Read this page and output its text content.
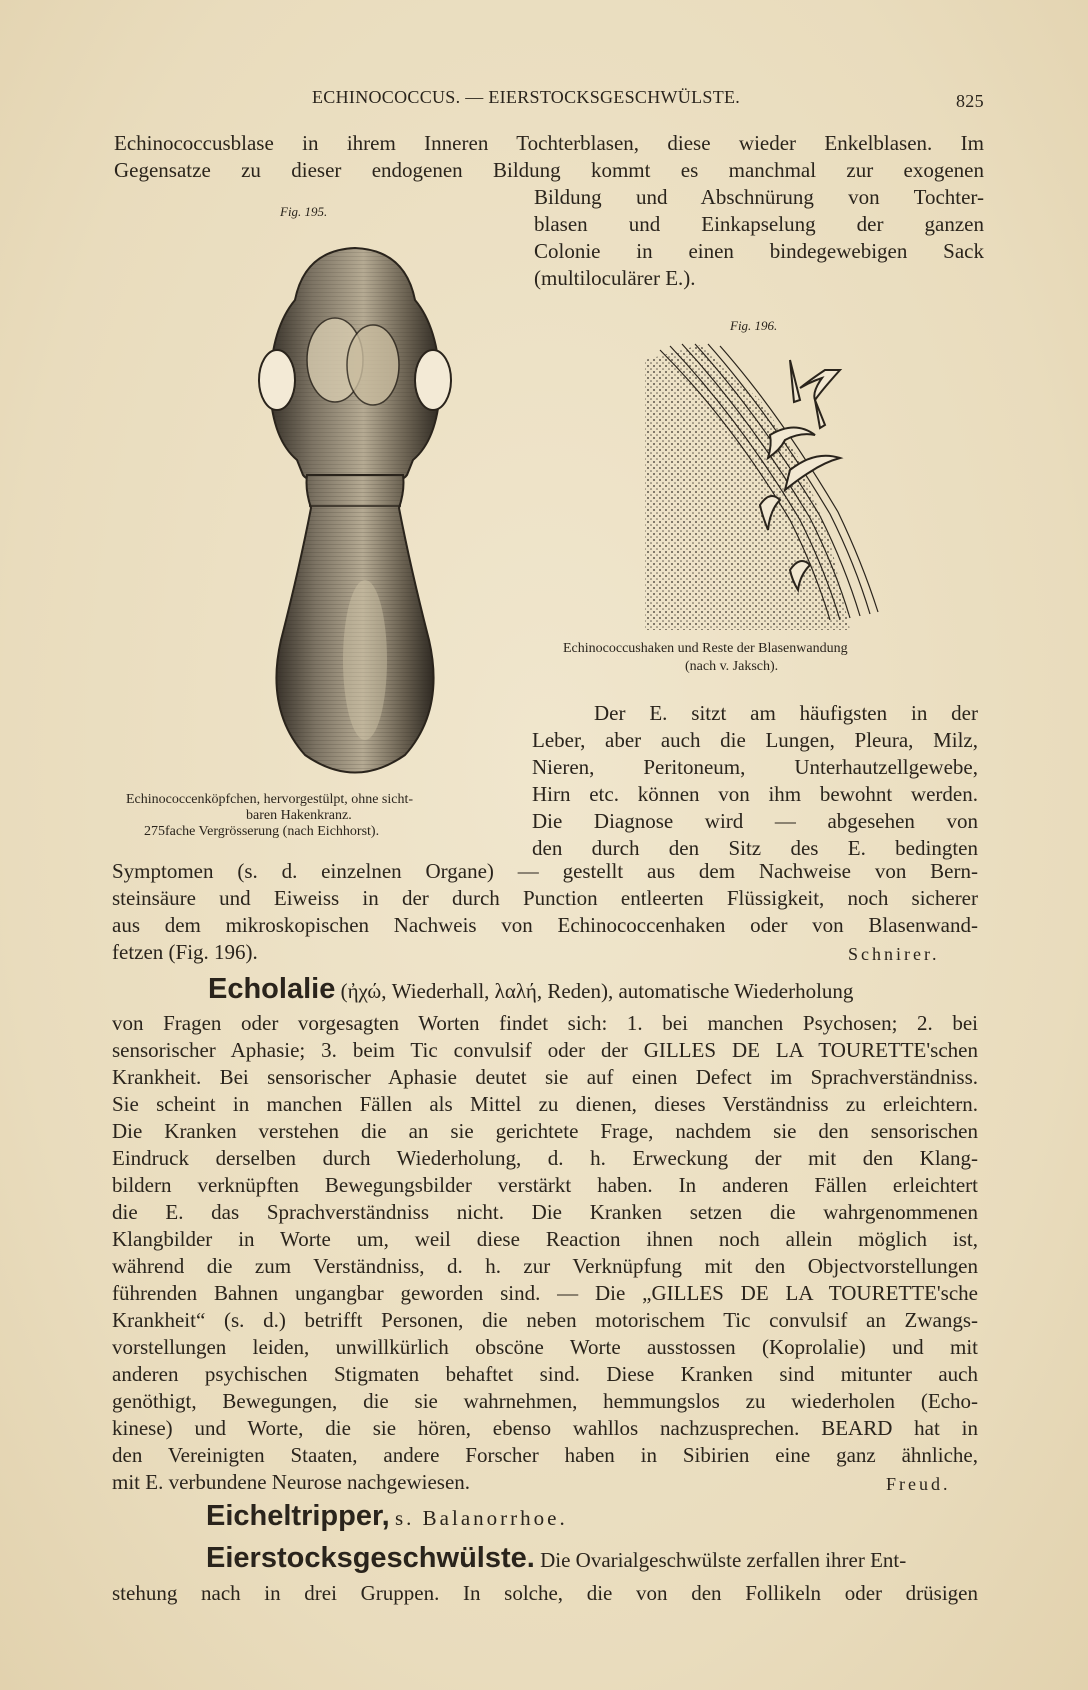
ECHINOCOCCUS. — EIERSTOCKSGESCHWÜLSTE.	825
Echinococcusblase in ihrem Inneren Tochterblasen, diese wieder Enkelblasen. Im
Gegensatze zu dieser endogenen Bildung kommt es manchmal zur exogenen
Fig. 195.
Bildung und Abschnürung von Tochter-
blasen und Einkapselung der ganzen
Colonie in einen bindegewebigen Sack
(multiloculärer E.).
Fig. 196.
Echinococcushaken und Reste der Blasenwandung
(nach v. Jaksch).
Der E. sitzt am häufigsten in der
Leber, aber auch die Lungen, Pleura, Milz,
Nieren, Peritoneum, Unterhautzellgewebe,
Hirn etc. können von ihm bewohnt werden.
Die Diagnose wird — abgesehen von
den durch den Sitz des E. bedingten
Echinococcenköpfchen, hervorgestülpt, ohne sicht-
baren Hakenkranz.
275fache Vergrösserung (nach Eichhorst).
Symptomen (s. d. einzelnen Organe) — gestellt aus dem Nachweise von Bern-
steinsäure und Eiweiss in der durch Punction entleerten Flüssigkeit, noch sicherer
aus dem mikroskopischen Nachweis von Echinococcenhaken oder von Blasenwand-
fetzen (Fig. 196).	Schnirer.
Echolalie (ἠχώ, Wiederhall, λαλή, Reden), automatische Wiederholung
von Fragen oder vorgesagten Worten findet sich: 1. bei manchen Psychosen; 2. bei
sensorischer Aphasie; 3. beim Tic convulsif oder der GILLES DE LA TOURETTE'schen
Krankheit. Bei sensorischer Aphasie deutet sie auf einen Defect im Sprachverständniss.
Sie scheint in manchen Fällen als Mittel zu dienen, dieses Verständniss zu erleichtern.
Die Kranken verstehen die an sie gerichtete Frage, nachdem sie den sensorischen
Eindruck derselben durch Wiederholung, d. h. Erweckung der mit den Klang-
bildern verknüpften Bewegungsbilder verstärkt haben. In anderen Fällen erleichtert
die E. das Sprachverständniss nicht. Die Kranken setzen die wahrgenommenen
Klangbilder in Worte um, weil diese Reaction ihnen noch allein möglich ist,
während die zum Verständniss, d. h. zur Verknüpfung mit den Objectvorstellungen
führenden Bahnen ungangbar geworden sind. — Die „GILLES DE LA TOURETTE'sche
Krankheit“ (s. d.) betrifft Personen, die neben motorischem Tic convulsif an Zwangs-
vorstellungen leiden, unwillkürlich obscöne Worte ausstossen (Koprolalie) und mit
anderen psychischen Stigmaten behaftet sind. Diese Kranken sind mitunter auch
genöthigt, Bewegungen, die sie wahrnehmen, hemmungslos zu wiederholen (Echo-
kinese) und Worte, die sie hören, ebenso wahllos nachzusprechen. BEARD hat in
den Vereinigten Staaten, andere Forscher haben in Sibirien eine ganz ähnliche,
mit E. verbundene Neurose nachgewiesen.	Freud.
Eicheltripper, s. Balanorrhoe.
Eierstocksgeschwülste. Die Ovarialgeschwülste zerfallen ihrer Ent-
stehung nach in drei Gruppen. In solche, die von den Follikeln oder drüsigen
